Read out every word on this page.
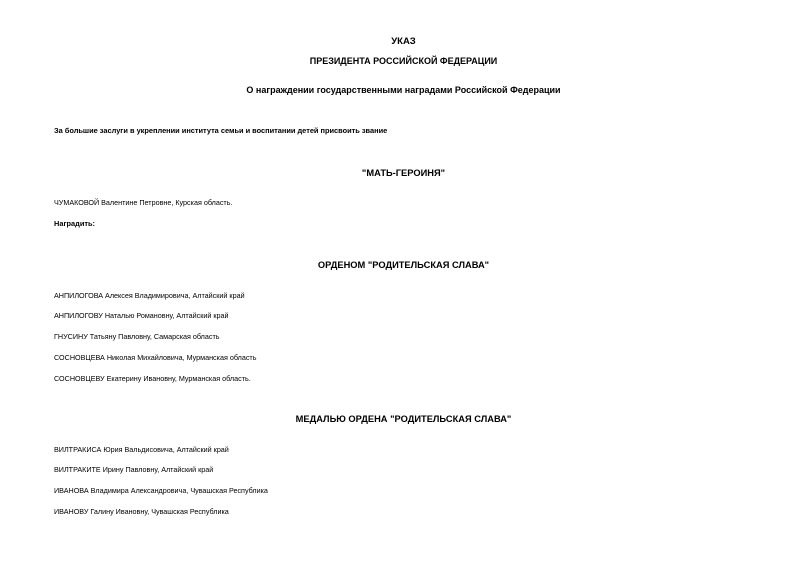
УКАЗ
ПРЕЗИДЕНТА РОССИЙСКОЙ ФЕДЕРАЦИИ
О награждении государственными наградами Российской Федерации
За большие заслуги в укреплении института семьи и воспитании детей присвоить звание
"МАТЬ-ГЕРОИНЯ"
ЧУМАКОВОЙ Валентине Петровне, Курская область.
Наградить:
ОРДЕНОМ "РОДИТЕЛЬСКАЯ СЛАВА"
АНПИЛОГОВА Алексея Владимировича, Алтайский край
АНПИЛОГОВУ Наталью Романовну, Алтайский край
ГНУСИНУ Татьяну Павловну, Самарская область
СОСНОВЦЕВА Николая Михайловича, Мурманская область
СОСНОВЦЕВУ Екатерину Ивановну, Мурманская область.
МЕДАЛЬЮ ОРДЕНА "РОДИТЕЛЬСКАЯ СЛАВА"
ВИЛТРАКИСА Юрия Вальдисовича, Алтайский край
ВИЛТРАКИТЕ Ирину Павловну, Алтайский край
ИВАНОВА Владимира Александровича, Чувашская Республика
ИВАНОВУ Галину Ивановну, Чувашская Республика
